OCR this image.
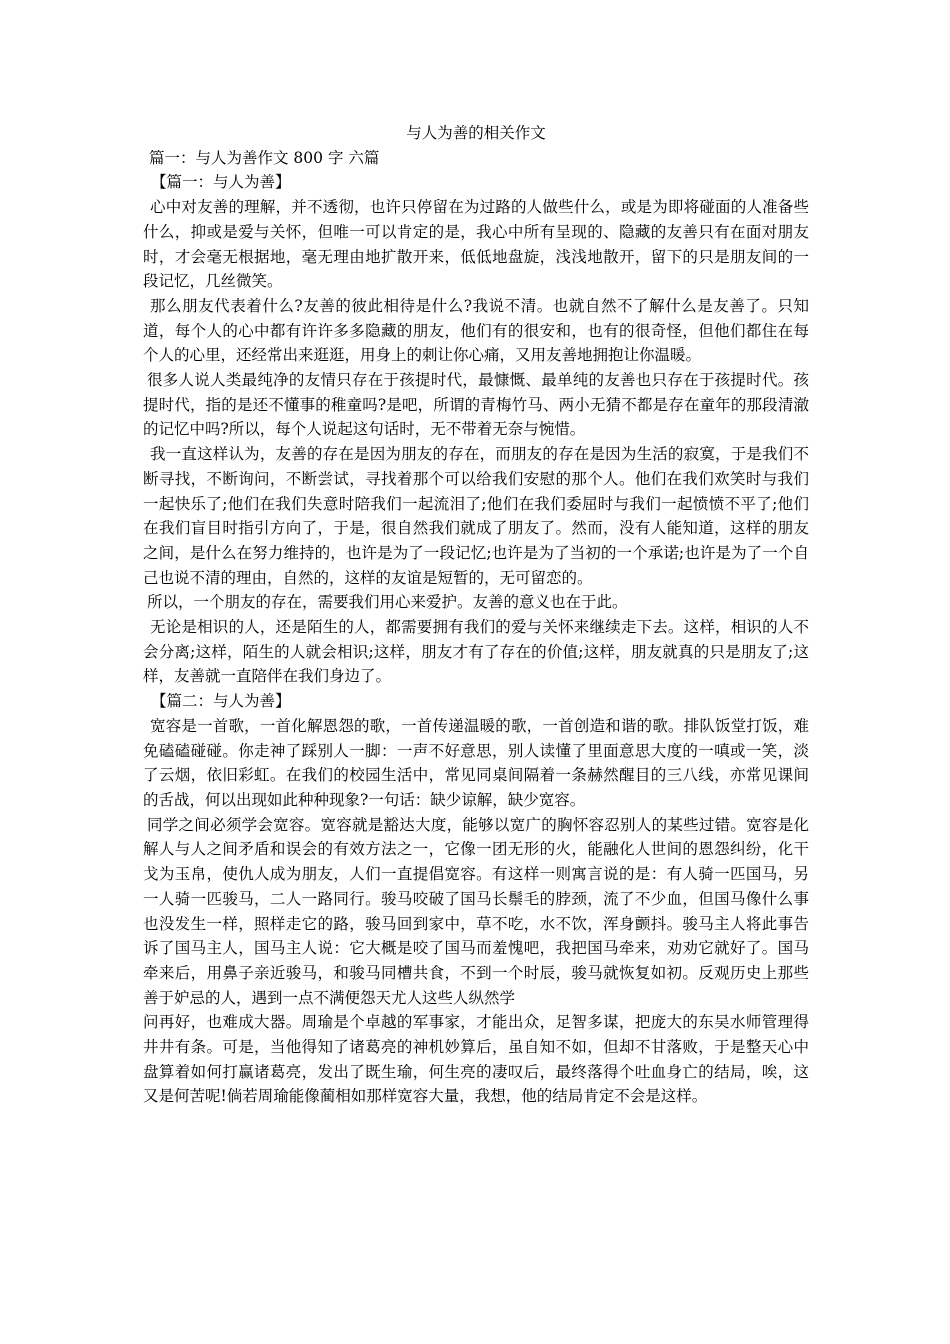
与人为善的相关作文

篇一：与人为善作文 800 字 六篇

【篇一：与人为善】

心中对友善的理解，并不透彻，也许只停留在为过路的人做些什么，或是为即将碰面的人准备些什么，抑或是爱与关怀，但唯一可以肯定的是，我心中所有呈现的、隐藏的友善只有在面对朋友时，才会毫无根据地，毫无理由地扩散开来，低低地盘旋，浅浅地散开，留下的只是朋友间的一段记忆，几丝微笑。

那么朋友代表着什么?友善的彼此相待是什么?我说不清。也就自然不了解什么是友善了。只知道，每个人的心中都有许许多多隐藏的朋友，他们有的很安和，也有的很奇怪，但他们都住在每个人的心里，还经常出来逛逛，用身上的刺让你心痛，又用友善地拥抱让你温暖。

很多人说人类最纯净的友情只存在于孩提时代，最慷慨、最单纯的友善也只存在于孩提时代。孩提时代，指的是还不懂事的稚童吗?是吧，所谓的青梅竹马、两小无猜不都是存在童年的那段清澈的记忆中吗?所以，每个人说起这句话时，无不带着无奈与惋惜。

我一直这样认为，友善的存在是因为朋友的存在，而朋友的存在是因为生活的寂寞，于是我们不断寻找，不断询问，不断尝试，寻找着那个可以给我们安慰的那个人。他们在我们欢笑时与我们一起快乐了;他们在我们失意时陪我们一起流泪了;他们在我们委屈时与我们一起愤愤不平了;他们在我们盲目时指引方向了，于是，很自然我们就成了朋友了。然而，没有人能知道，这样的朋友之间，是什么在努力维持的，也许是为了一段记忆;也许是为了当初的一个承诺;也许是为了一个自己也说不清的理由，自然的，这样的友谊是短暂的，无可留恋的。

所以，一个朋友的存在，需要我们用心来爱护。友善的意义也在于此。

无论是相识的人，还是陌生的人，都需要拥有我们的爱与关怀来继续走下去。这样，相识的人不会分离;这样，陌生的人就会相识;这样，朋友才有了存在的价值;这样，朋友就真的只是朋友了;这样，友善就一直陪伴在我们身边了。

【篇二：与人为善】

宽容是一首歌，一首化解恩怨的歌，一首传递温暖的歌，一首创造和谐的歌。排队饭堂打饭，难免磕磕碰碰。你走神了踩别人一脚：一声不好意思，别人读懂了里面意思大度的一嗔或一笑，淡了云烟，依旧彩虹。在我们的校园生活中，常见同桌间隔着一条赫然醒目的三八线，亦常见课间的舌战，何以出现如此种种现象?一句话：缺少谅解，缺少宽容。

同学之间必须学会宽容。宽容就是豁达大度，能够以宽广的胸怀容忍别人的某些过错。宽容是化解人与人之间矛盾和误会的有效方法之一，它像一团无形的火，能融化人世间的恩怨纠纷，化干戈为玉帛，使仇人成为朋友，人们一直提倡宽容。有这样一则寓言说的是：有人骑一匹国马，另一人骑一匹骏马，二人一路同行。骏马咬破了国马长鬃毛的脖颈，流了不少血，但国马像什么事也没发生一样，照样走它的路，骏马回到家中，草不吃，水不饮，浑身颤抖。骏马主人将此事告诉了国马主人，国马主人说：它大概是咬了国马而羞愧吧，我把国马牵来，劝劝它就好了。国马牵来后，用鼻子亲近骏马，和骏马同槽共食，不到一个时辰，骏马就恢复如初。反观历史上那些善于妒忌的人，遇到一点不满便怨天尤人这些人纵然学

问再好，也难成大器。周瑜是个卓越的军事家，才能出众，足智多谋，把庞大的东吴水师管理得井井有条。可是，当他得知了诸葛亮的神机妙算后，虽自知不如，但却不甘落败，于是整天心中盘算着如何打赢诸葛亮，发出了既生瑜，何生亮的凄叹后，最终落得个吐血身亡的结局，唉，这又是何苦呢!倘若周瑜能像蔺相如那样宽容大量，我想，他的结局肯定不会是这样。
